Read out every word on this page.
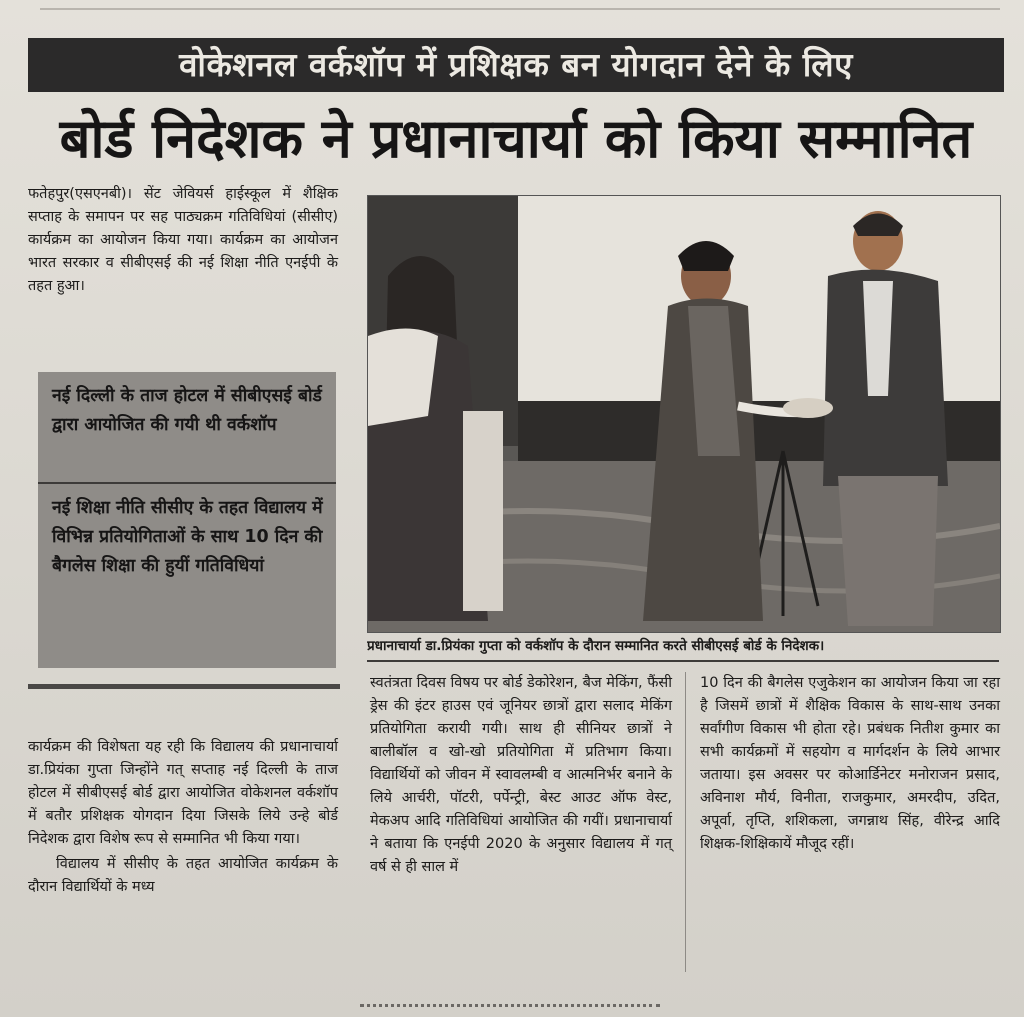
वोकेशनल वर्कशॉप में प्रशिक्षक बन योगदान देने के लिए
बोर्ड निदेशक ने प्रधानाचार्या को किया सम्मानित
फतेहपुर(एसएनबी)। सेंट जेवियर्स हाईस्कूल में शैक्षिक सप्ताह के समापन पर सह पाठ्यक्रम गतिविधियां (सीसीए) कार्यक्रम का आयोजन किया गया। कार्यक्रम का आयोजन भारत सरकार व सीबीएसई की नई शिक्षा नीति एनईपी के तहत हुआ।
नई दिल्ली के ताज होटल में सीबीएसई बोर्ड द्वारा आयोजित की गयी थी वर्कशॉप
नई शिक्षा नीति सीसीए के तहत विद्यालय में विभिन्न प्रतियोगिताओं के साथ 10 दिन की बैगलेस शिक्षा की हुयीं गतिविधियां
कार्यक्रम की विशेषता यह रही कि विद्यालय की प्रधानाचार्या डा.प्रियंका गुप्ता जिन्होंने गत् सप्ताह नई दिल्ली के ताज होटल में सीबीएसई बोर्ड द्वारा आयोजित वोकेशनल वर्कशॉप में बतौर प्रशिक्षक योगदान दिया जिसके लिये उन्हे बोर्ड निदेशक द्वारा विशेष रूप से सम्मानित भी किया गया।
विद्यालय में सीसीए के तहत आयोजित कार्यक्रम के दौरान विद्यार्थियों के मध्य
प्रधानाचार्या डा.प्रियंका गुप्ता को वर्कशॉप के दौरान सम्मानित करते सीबीएसई बोर्ड के निदेशक।
स्वतंत्रता दिवस विषय पर बोर्ड डेकोरेशन, बैज मेकिंग, फैंसी ड्रेस की इंटर हाउस एवं जूनियर छात्रों द्वारा सलाद मेकिंग प्रतियोगिता करायी गयी। साथ ही सीनियर छात्रों ने बालीबॉल व खो-खो प्रतियोगिता में प्रतिभाग किया। विद्यार्थियों को जीवन में स्वावलम्बी व आत्मनिर्भर बनाने के लिये आर्चरी, पॉटरी, पर्पेन्ट्री, बेस्ट आउट ऑफ वेस्ट, मेकअप आदि गतिविधियां आयोजित की गयीं। प्रधानाचार्या ने बताया कि एनईपी 2020 के अनुसार विद्यालय में गत् वर्ष से ही साल में
10 दिन की बैगलेस एजुकेशन का आयोजन किया जा रहा है जिसमें छात्रों में शैक्षिक विकास के साथ-साथ उनका सर्वांगीण विकास भी होता रहे। प्रबंधक नितीश कुमार का सभी कार्यक्रमों में सहयोग व मार्गदर्शन के लिये आभार जताया। इस अवसर पर कोआर्डिनेटर मनोराजन प्रसाद, अविनाश मौर्य, विनीता, राजकुमार, अमरदीप, उदित, अपूर्वा, तृप्ति, शशिकला, जगन्नाथ सिंह, वीरेन्द्र आदि शिक्षक-शिक्षिकायें मौजूद रहीं।
